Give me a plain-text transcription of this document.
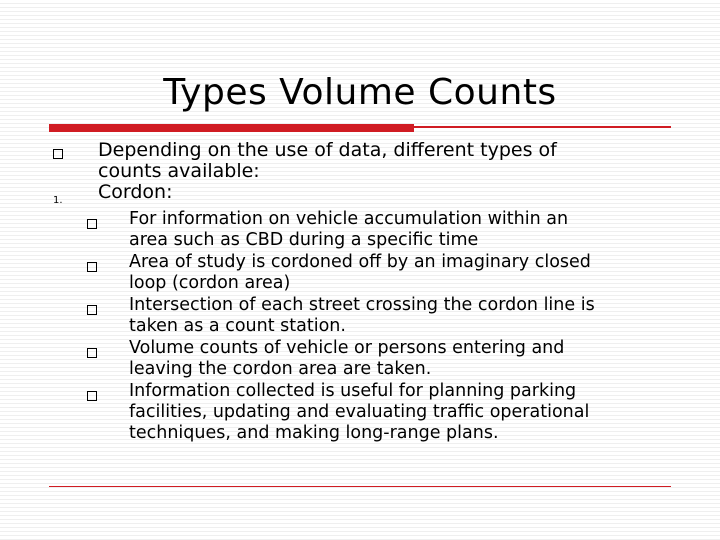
Types Volume Counts
Depending on the use of data, different types of
counts available:
1. Cordon:
For information on vehicle accumulation within an
area such as CBD during a specific time
Area of study is cordoned off by an imaginary closed
loop (cordon area)
Intersection of each street crossing the cordon line is
taken as a count station.
Volume counts of vehicle or persons entering and
leaving the cordon area are taken.
Information collected is useful for planning parking
facilities, updating and evaluating traffic operational
techniques, and making long-range plans.
